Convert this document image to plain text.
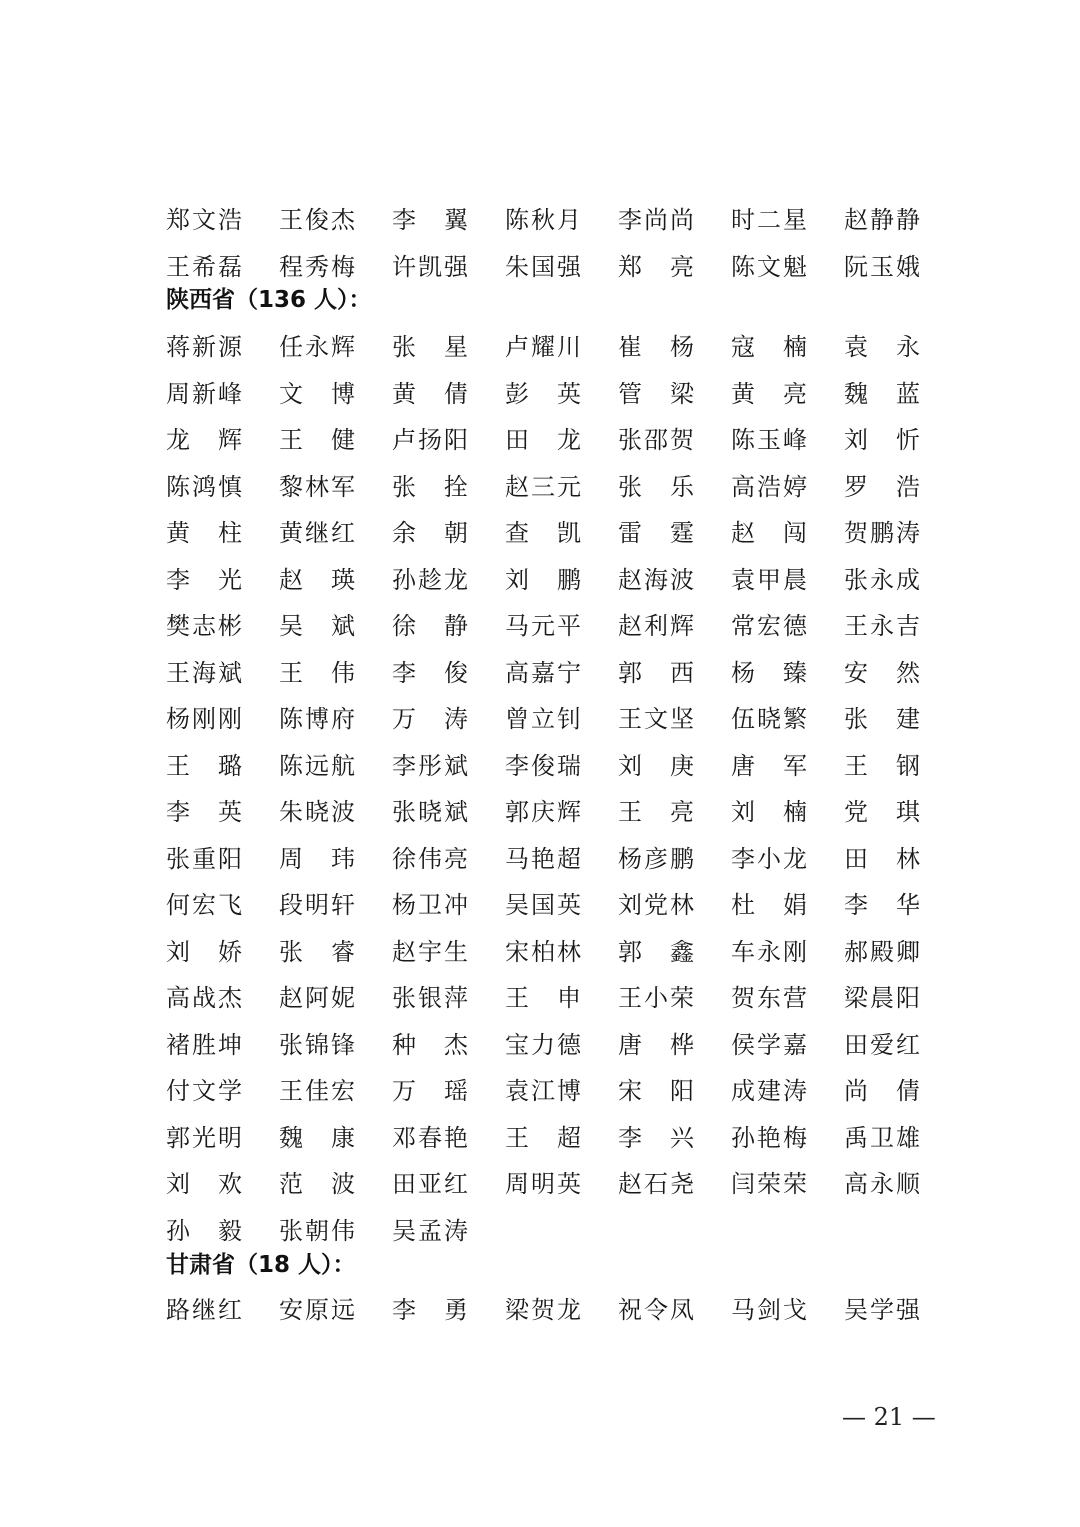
郑 文 浩 王 俊 杰 李 翼 陈 秋 月 李 尚 尚 时 二 星 赵 静 静
王 希 磊 程 秀 梅 许 凯 强 朱 国 强 郑 亮 陈 文 魁 阮 玉 娥
陕西省（136 人）：
蒋 新 源 任 永 辉 张 星 卢 耀 川 崔 杨 寇 楠 袁 永
周 新 峰 文 博 黄 倩 彭 英 管 梁 黄 亮 魏 蓝
龙 辉 王 健 卢 扬 阳 田 龙 张 邵 贺 陈 玉 峰 刘 忻
陈 鸿 慎 黎 林 军 张 拴 赵 三 元 张 乐 高 浩 婷 罗 浩
黄 柱 黄 继 红 余 朝 查 凯 雷 霆 赵 闯 贺 鹏 涛
李 光 赵 瑛 孙 趁 龙 刘 鹏 赵 海 波 袁 甲 晨 张 永 成
樊 志 彬 吴 斌 徐 静 马 元 平 赵 利 辉 常 宏 德 王 永 吉
王 海 斌 王 伟 李 俊 高 嘉 宁 郭 西 杨 臻 安 然
杨 刚 刚 陈 博 府 万 涛 曾 立 钊 王 文 坚 伍 晓 繁 张 建
王 璐 陈 远 航 李 彤 斌 李 俊 瑞 刘 庚 唐 军 王 钢
李 英 朱 晓 波 张 晓 斌 郭 庆 辉 王 亮 刘 楠 党 琪
张 重 阳 周 玮 徐 伟 亮 马 艳 超 杨 彦 鹏 李 小 龙 田 林
何 宏 飞 段 明 轩 杨 卫 冲 吴 国 英 刘 党 林 杜 娟 李 华
刘 娇 张 睿 赵 宇 生 宋 柏 林 郭 鑫 车 永 刚 郝 殿 卿
高 战 杰 赵 阿 妮 张 银 萍 王 申 王 小 荣 贺 东 营 梁 晨 阳
褚 胜 坤 张 锦 锋 种 杰 宝 力 德 唐 桦 侯 学 嘉 田 爱 红
付 文 学 王 佳 宏 万 瑶 袁 江 博 宋 阳 成 建 涛 尚 倩
郭 光 明 魏 康 邓 春 艳 王 超 李 兴 孙 艳 梅 禹 卫 雄
刘 欢 范 波 田 亚 红 周 明 英 赵 石 尧 闫 荣 荣 高 永 顺
孙 毅 张 朝 伟 吴 孟 涛
甘肃省（18 人）：
路 继 红 安 原 远 李 勇 梁 贺 龙 祝 令 凤 马 剑 戈 吴 学 强
— 21 —
